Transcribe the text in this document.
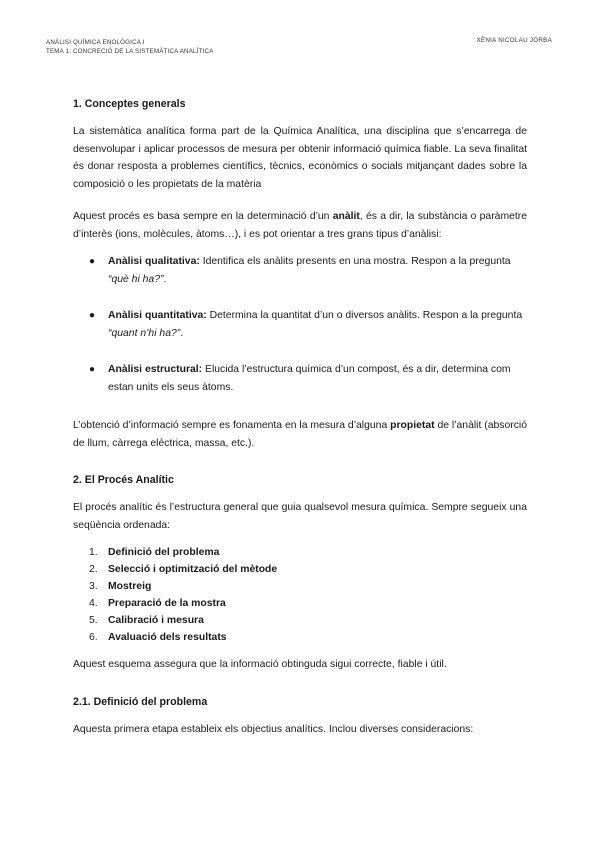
ANÀLISI QUÍMICA ENOLÒGICA I
TEMA 1: CONCRECIÓ DE LA SISTEMÀTICA ANALÍTICA
XÈNIA NICOLAU JORBA
1. Conceptes generals

La sistemàtica analítica forma part de la Química Analítica, una disciplina que s’encarrega de desenvolupar i aplicar processos de mesura per obtenir informació química fiable. La seva finalitat és donar resposta a problemes científics, tècnics, econòmics o socials mitjançant dades sobre la composició o les propietats de la matèria

Aquest procés es basa sempre en la determinació d’un anàlit, és a dir, la substància o paràmetre d’interès (ions, molècules, àtoms…), i es pot orientar a tres grans tipus d’anàlisi:

● Anàlisi qualitativa: Identifica els anàlits presents en una mostra. Respon a la pregunta “què hi ha?”.
● Anàlisi quantitativa: Determina la quantitat d’un o diversos anàlits. Respon a la pregunta “quant n’hi ha?”.
● Anàlisi estructural: Elucida l’estructura química d’un compost, és a dir, determina com estan units els seus àtoms.

L’obtenció d’informació sempre es fonamenta en la mesura d’alguna propietat de l’anàlit (absorció de llum, càrrega elèctrica, massa, etc.).

2. El Procés Analític

El procés analític és l’estructura general que guia qualsevol mesura química. Sempre segueix una seqüència ordenada:

1. Definició del problema
2. Selecció i optimització del mètode
3. Mostreig
4. Preparació de la mostra
5. Calibració i mesura
6. Avaluació dels resultats

Aquest esquema assegura que la informació obtinguda sigui correcte, fiable i útil.

2.1. Definició del problema

Aquesta primera etapa estableix els objectius analítics. Inclou diverses consideracions:
